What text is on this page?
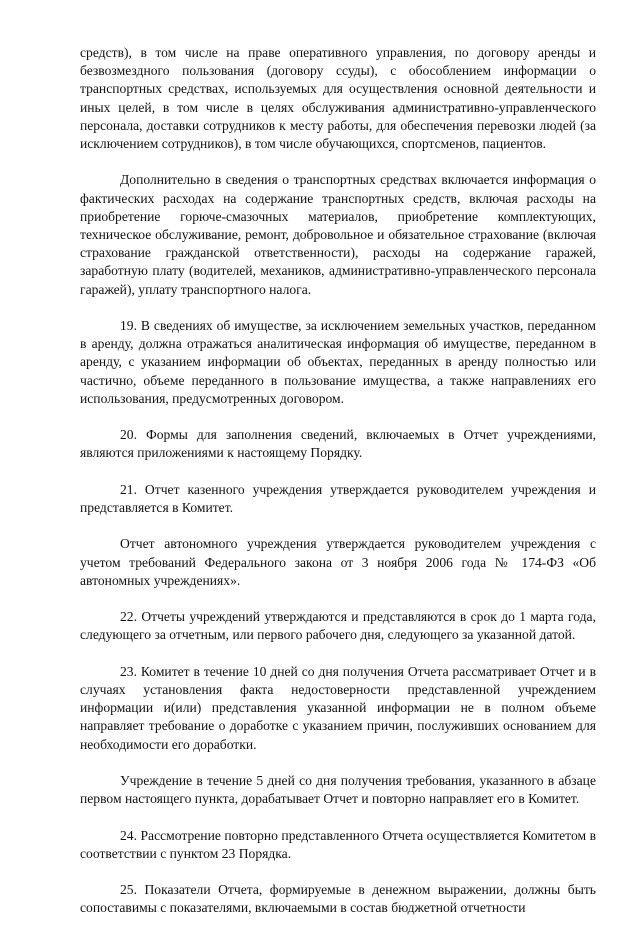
средств), в том числе на праве оперативного управления, по договору аренды и безвозмездного пользования (договору ссуды), с обособлением информации о транспортных средствах, используемых для осуществления основной деятельности и иных целей, в том числе в целях обслуживания административно-управленческого персонала, доставки сотрудников к месту работы, для обеспечения перевозки людей (за исключением сотрудников), в том числе обучающихся, спортсменов, пациентов.

Дополнительно в сведения о транспортных средствах включается информация о фактических расходах на содержание транспортных средств, включая расходы на приобретение горюче-смазочных материалов, приобретение комплектующих, техническое обслуживание, ремонт, добровольное и обязательное страхование (включая страхование гражданской ответственности), расходы на содержание гаражей, заработную плату (водителей, механиков, административно-управленческого персонала гаражей), уплату транспортного налога.

19. В сведениях об имуществе, за исключением земельных участков, переданном в аренду, должна отражаться аналитическая информация об имуществе, переданном в аренду, с указанием информации об объектах, переданных в аренду полностью или частично, объеме переданного в пользование имущества, а также направлениях его использования, предусмотренных договором.

20. Формы для заполнения сведений, включаемых в Отчет учреждениями, являются приложениями к настоящему Порядку.

21. Отчет казенного учреждения утверждается руководителем учреждения и представляется в Комитет.

Отчет автономного учреждения утверждается руководителем учреждения с учетом требований Федерального закона от 3 ноября 2006 года № 174-ФЗ «Об автономных учреждениях».

22. Отчеты учреждений утверждаются и представляются в срок до 1 марта года, следующего за отчетным, или первого рабочего дня, следующего за указанной датой.

23. Комитет в течение 10 дней со дня получения Отчета рассматривает Отчет и в случаях установления факта недостоверности представленной учреждением информации и(или) представления указанной информации не в полном объеме направляет требование о доработке с указанием причин, послуживших основанием для необходимости его доработки.

Учреждение в течение 5 дней со дня получения требования, указанного в абзаце первом настоящего пункта, дорабатывает Отчет и повторно направляет его в Комитет.

24. Рассмотрение повторно представленного Отчета осуществляется Комитетом в соответствии с пунктом 23 Порядка.

25. Показатели Отчета, формируемые в денежном выражении, должны быть сопоставимы с показателями, включаемыми в состав бюджетной отчетности
